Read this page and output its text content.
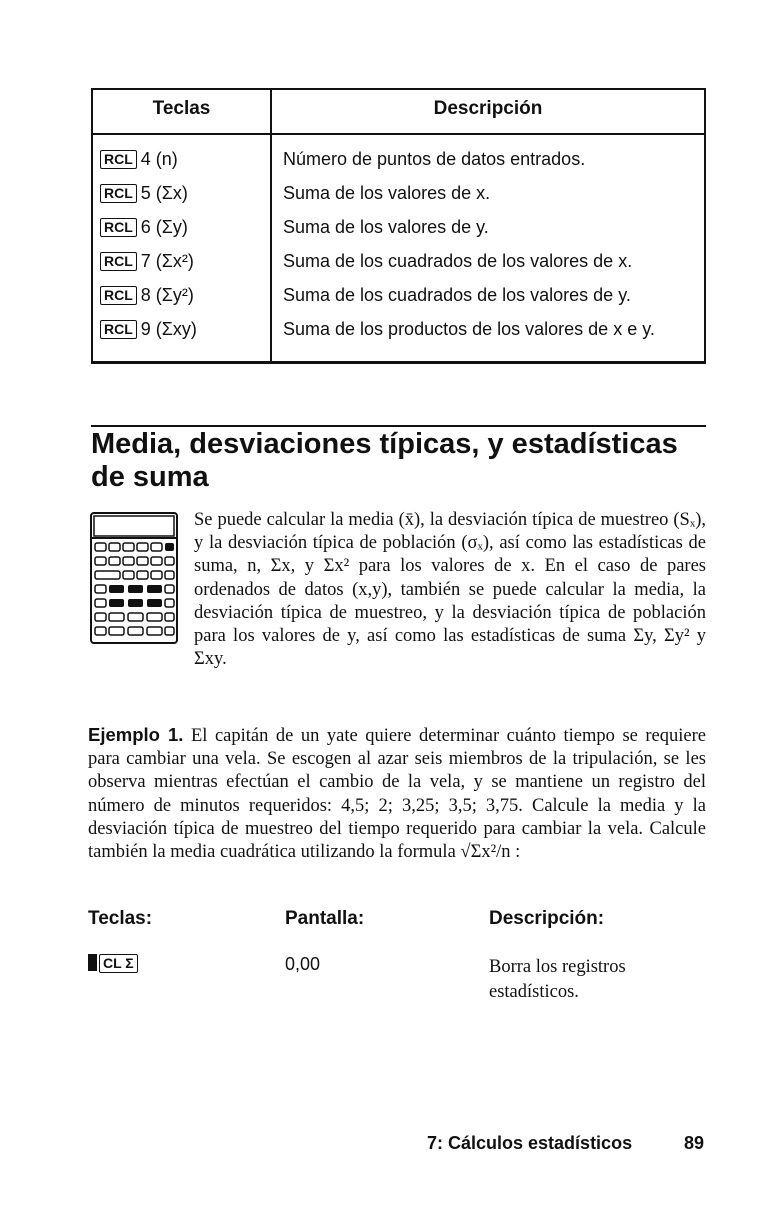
Teclas	Descripción
RCL 4 (n)	Número de puntos de datos entrados.
RCL 5 (Σx)	Suma de los valores de x.
RCL 6 (Σy)	Suma de los valores de y.
RCL 7 (Σx²)	Suma de los cuadrados de los valores de x.
RCL 8 (Σy²)	Suma de los cuadrados de los valores de y.
RCL 9 (Σxy)	Suma de los productos de los valores de x e y.
Media, desviaciones típicas, y estadísticas de suma
Se puede calcular la media (x̄), la desviación típica de muestreo (Sₓ), y la desviación típica de población (σₓ), así como las estadísticas de suma, n, Σx, y Σx² para los valores de x. En el caso de pares ordenados de datos (x,y), también se puede calcular la media, la desviación típica de muestreo, y la desviación típica de población para los valores de y, así como las estadísticas de suma Σy, Σy² y Σxy.
Ejemplo 1. El capitán de un yate quiere determinar cuánto tiempo se requiere para cambiar una vela. Se escogen al azar seis miembros de la tripulación, se les observa mientras efectúan el cambio de la vela, y se mantiene un registro del número de minutos requeridos: 4,5; 2; 3,25; 3,5; 3,75. Calcule la media y la desviación típica de muestreo del tiempo requerido para cambiar la vela. Calcule también la media cuadrática utilizando la formula √Σx²/n :
Teclas:	Pantalla:	Descripción:
CL Σ	0,00	Borra los registros estadísticos.
7: Cálculos estadísticos	89
